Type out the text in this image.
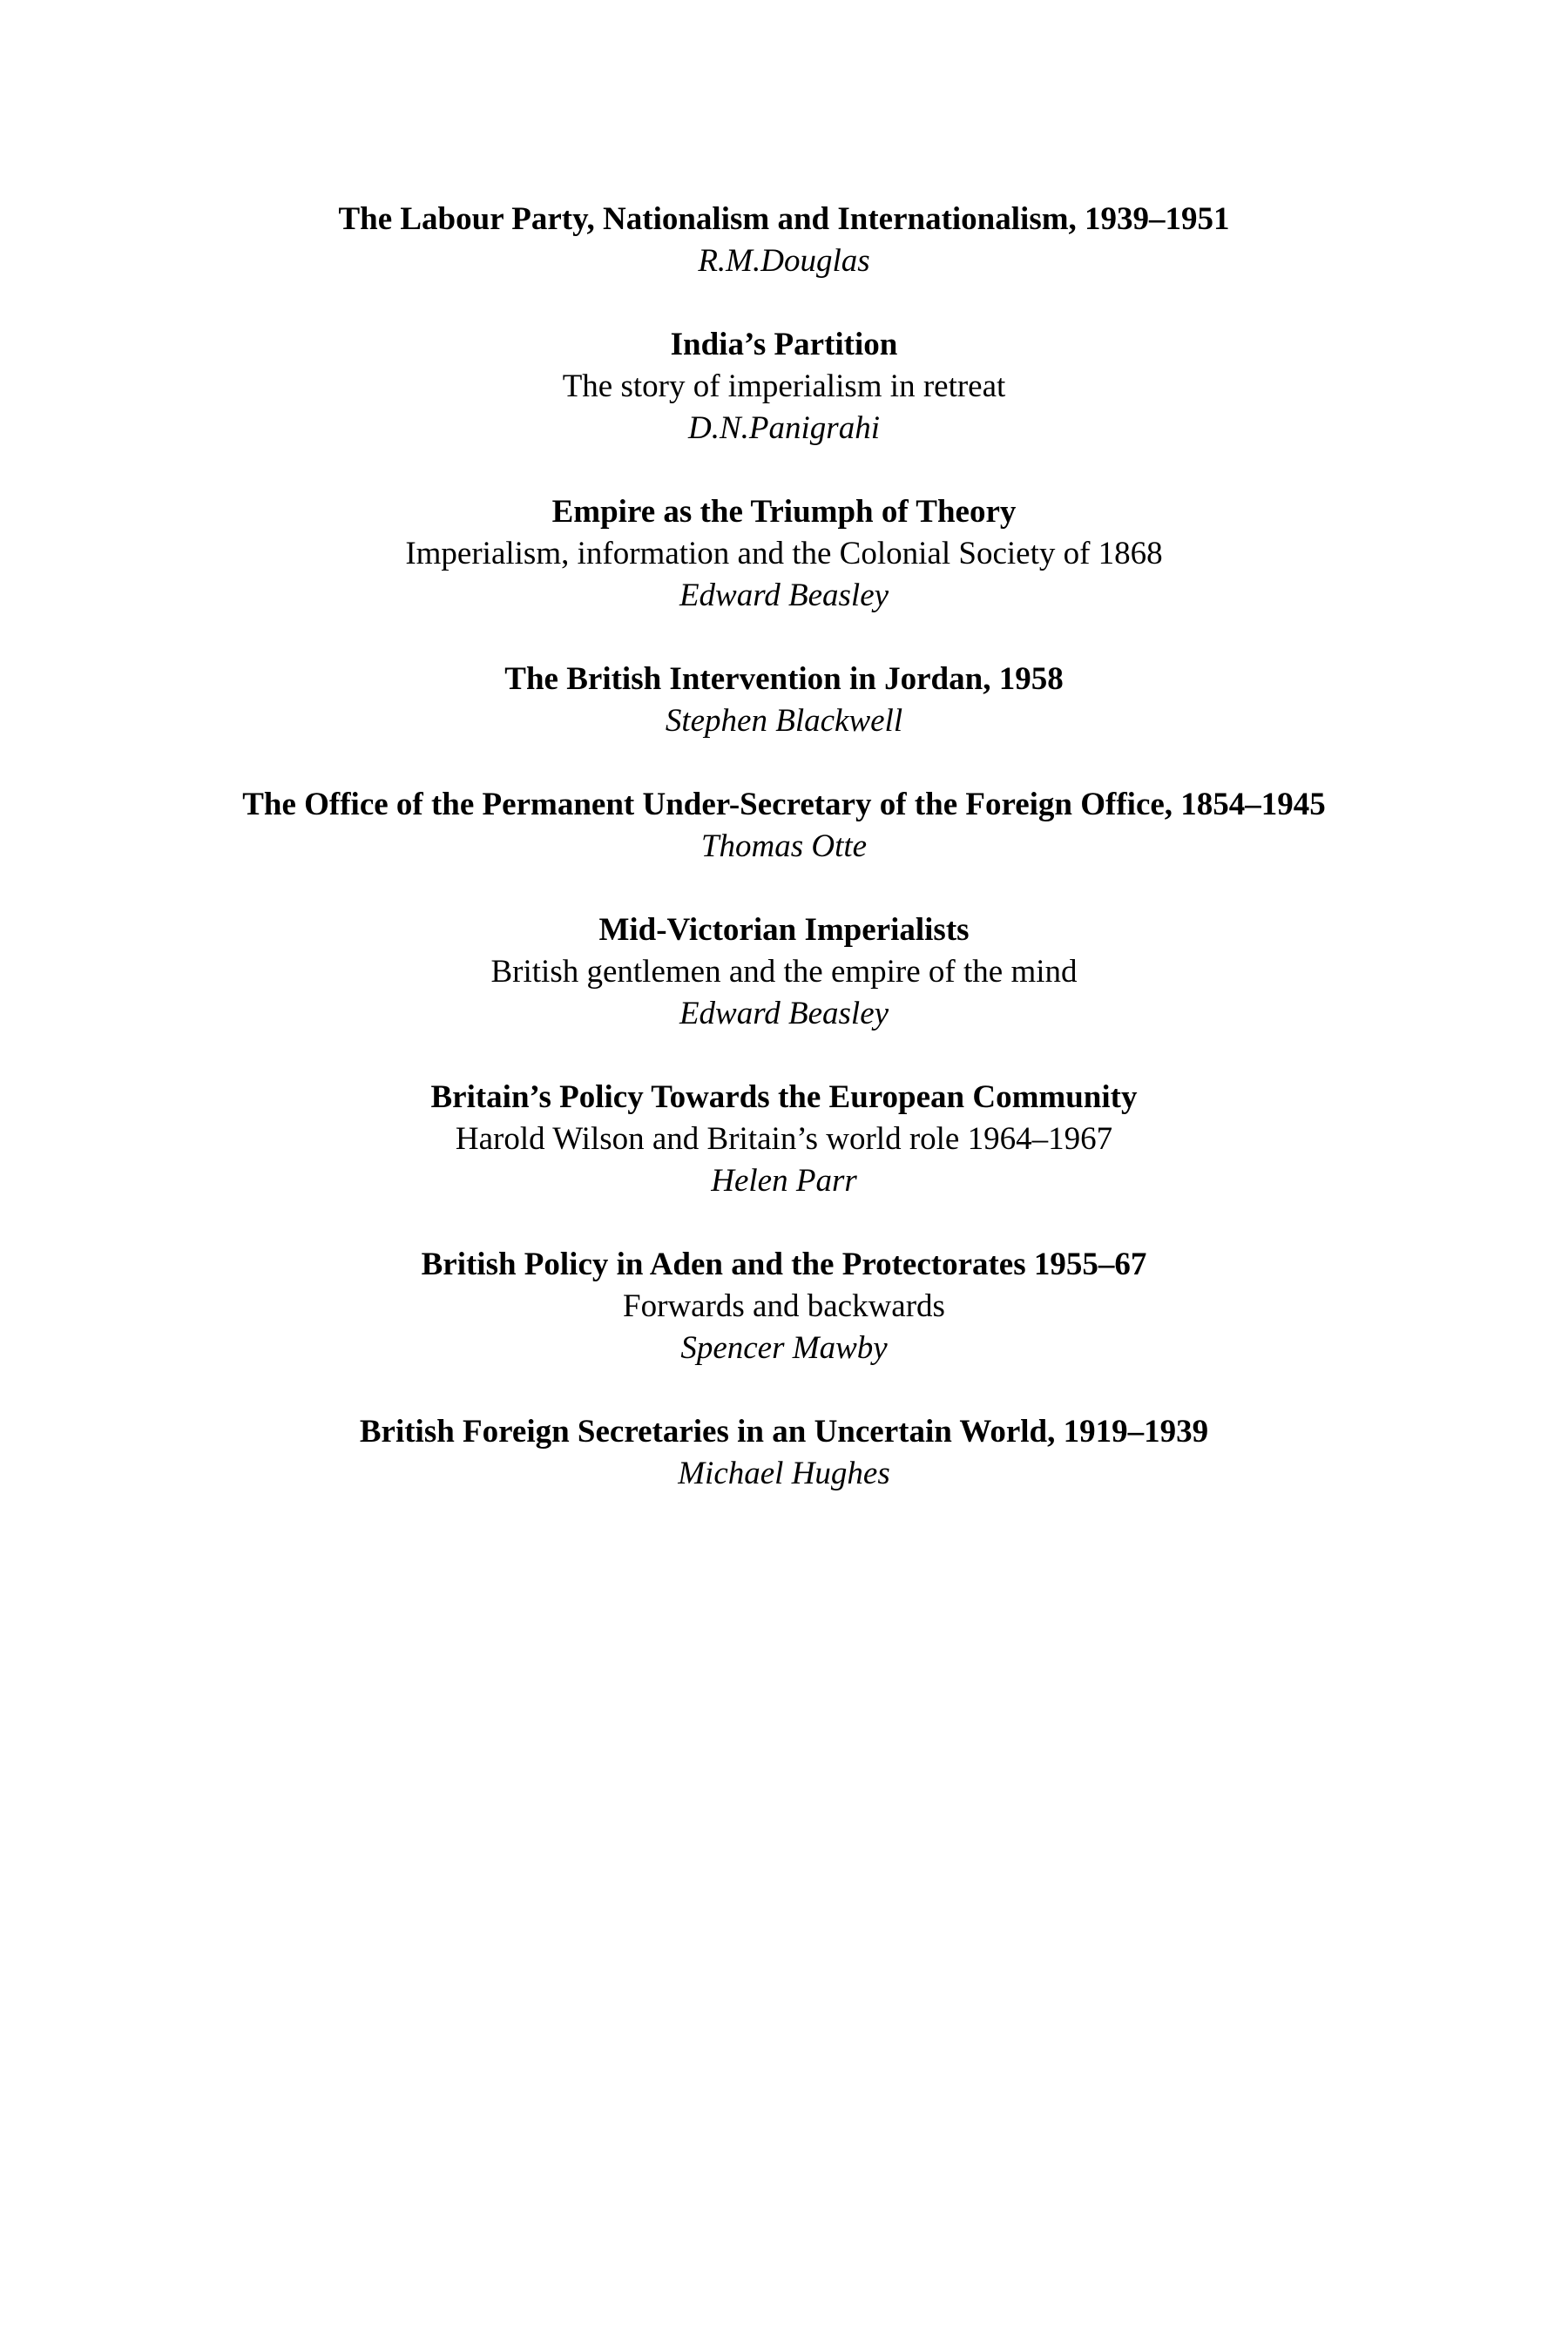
The Labour Party, Nationalism and Internationalism, 1939–1951
R.M.Douglas
India’s Partition
The story of imperialism in retreat
D.N.Panigrahi
Empire as the Triumph of Theory
Imperialism, information and the Colonial Society of 1868
Edward Beasley
The British Intervention in Jordan, 1958
Stephen Blackwell
The Office of the Permanent Under-Secretary of the Foreign Office, 1854–1945
Thomas Otte
Mid-Victorian Imperialists
British gentlemen and the empire of the mind
Edward Beasley
Britain’s Policy Towards the European Community
Harold Wilson and Britain’s world role 1964–1967
Helen Parr
British Policy in Aden and the Protectorates 1955–67
Forwards and backwards
Spencer Mawby
British Foreign Secretaries in an Uncertain World, 1919–1939
Michael Hughes
